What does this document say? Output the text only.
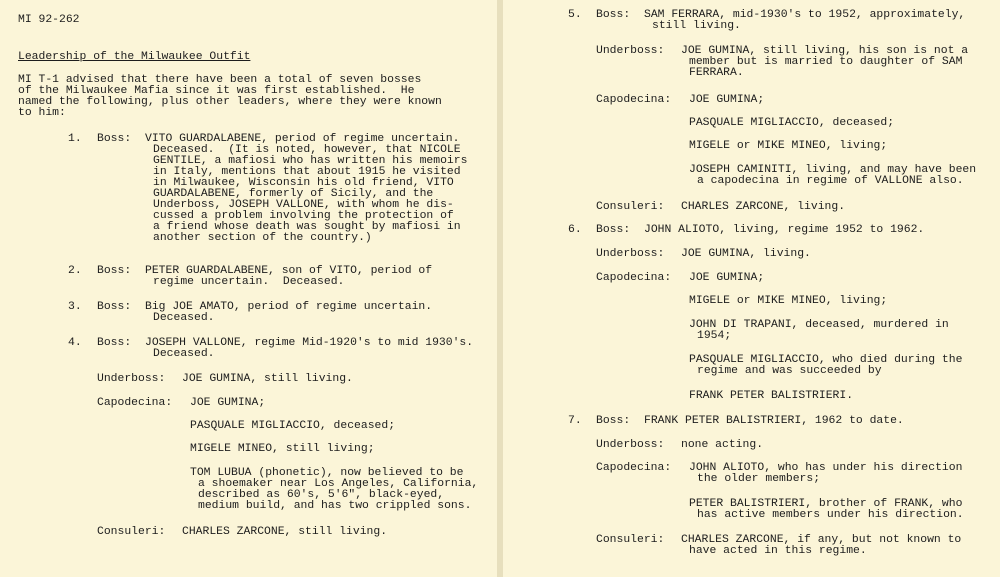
MI 92-262

Leadership of the Milwaukee Outfit

MI T-1 advised that there have been a total of seven bosses

of the Milwaukee Mafia since it was first established.  He

named the following, plus other leaders, where they were known

to him:

1. Boss: VITO GUARDALABENE, period of regime uncertain.

Deceased.  (It is noted, however, that NICOLE

GENTILE, a mafiosi who has written his memoirs

in Italy, mentions that about 1915 he visited

in Milwaukee, Wisconsin his old friend, VITO

GUARDALABENE, formerly of Sicily, and the

Underboss, JOSEPH VALLONE, with whom he dis-

cussed a problem involving the protection of

a friend whose death was sought by mafiosi in

another section of the country.)

2. Boss: PETER GUARDALABENE, son of VITO, period of

regime uncertain.  Deceased.

3. Boss: Big JOE AMATO, period of regime uncertain.

Deceased.

4. Boss: JOSEPH VALLONE, regime Mid-1920's to mid 1930's.

Deceased.

Underboss: JOE GUMINA, still living.

Capodecina: JOE GUMINA;

PASQUALE MIGLIACCIO, deceased;

MIGELE MINEO, still living;

TOM LUBUA (phonetic), now believed to be

a shoemaker near Los Angeles, California,

described as 60's, 5'6", black-eyed,

medium build, and has two crippled sons.

Consuleri: CHARLES ZARCONE, still living.

5. Boss: SAM FERRARA, mid-1930's to 1952, approximately,

still living.

Underboss: JOE GUMINA, still living, his son is not a

member but is married to daughter of SAM

FERRARA.

Capodecina: JOE GUMINA;

PASQUALE MIGLIACCIO, deceased;

MIGELE or MIKE MINEO, living;

JOSEPH CAMINITI, living, and may have been

a capodecina in regime of VALLONE also.

Consuleri: CHARLES ZARCONE, living.

6. Boss: JOHN ALIOTO, living, regime 1952 to 1962.

Underboss: JOE GUMINA, living.

Capodecina: JOE GUMINA;

MIGELE or MIKE MINEO, living;

JOHN DI TRAPANI, deceased, murdered in

1954;

PASQUALE MIGLIACCIO, who died during the

regime and was succeeded by

FRANK PETER BALISTRIERI.

7. Boss: FRANK PETER BALISTRIERI, 1962 to date.

Underboss: none acting.

Capodecina: JOHN ALIOTO, who has under his direction

the older members;

PETER BALISTRIERI, brother of FRANK, who

has active members under his direction.

Consuleri: CHARLES ZARCONE, if any, but not known to

have acted in this regime.
